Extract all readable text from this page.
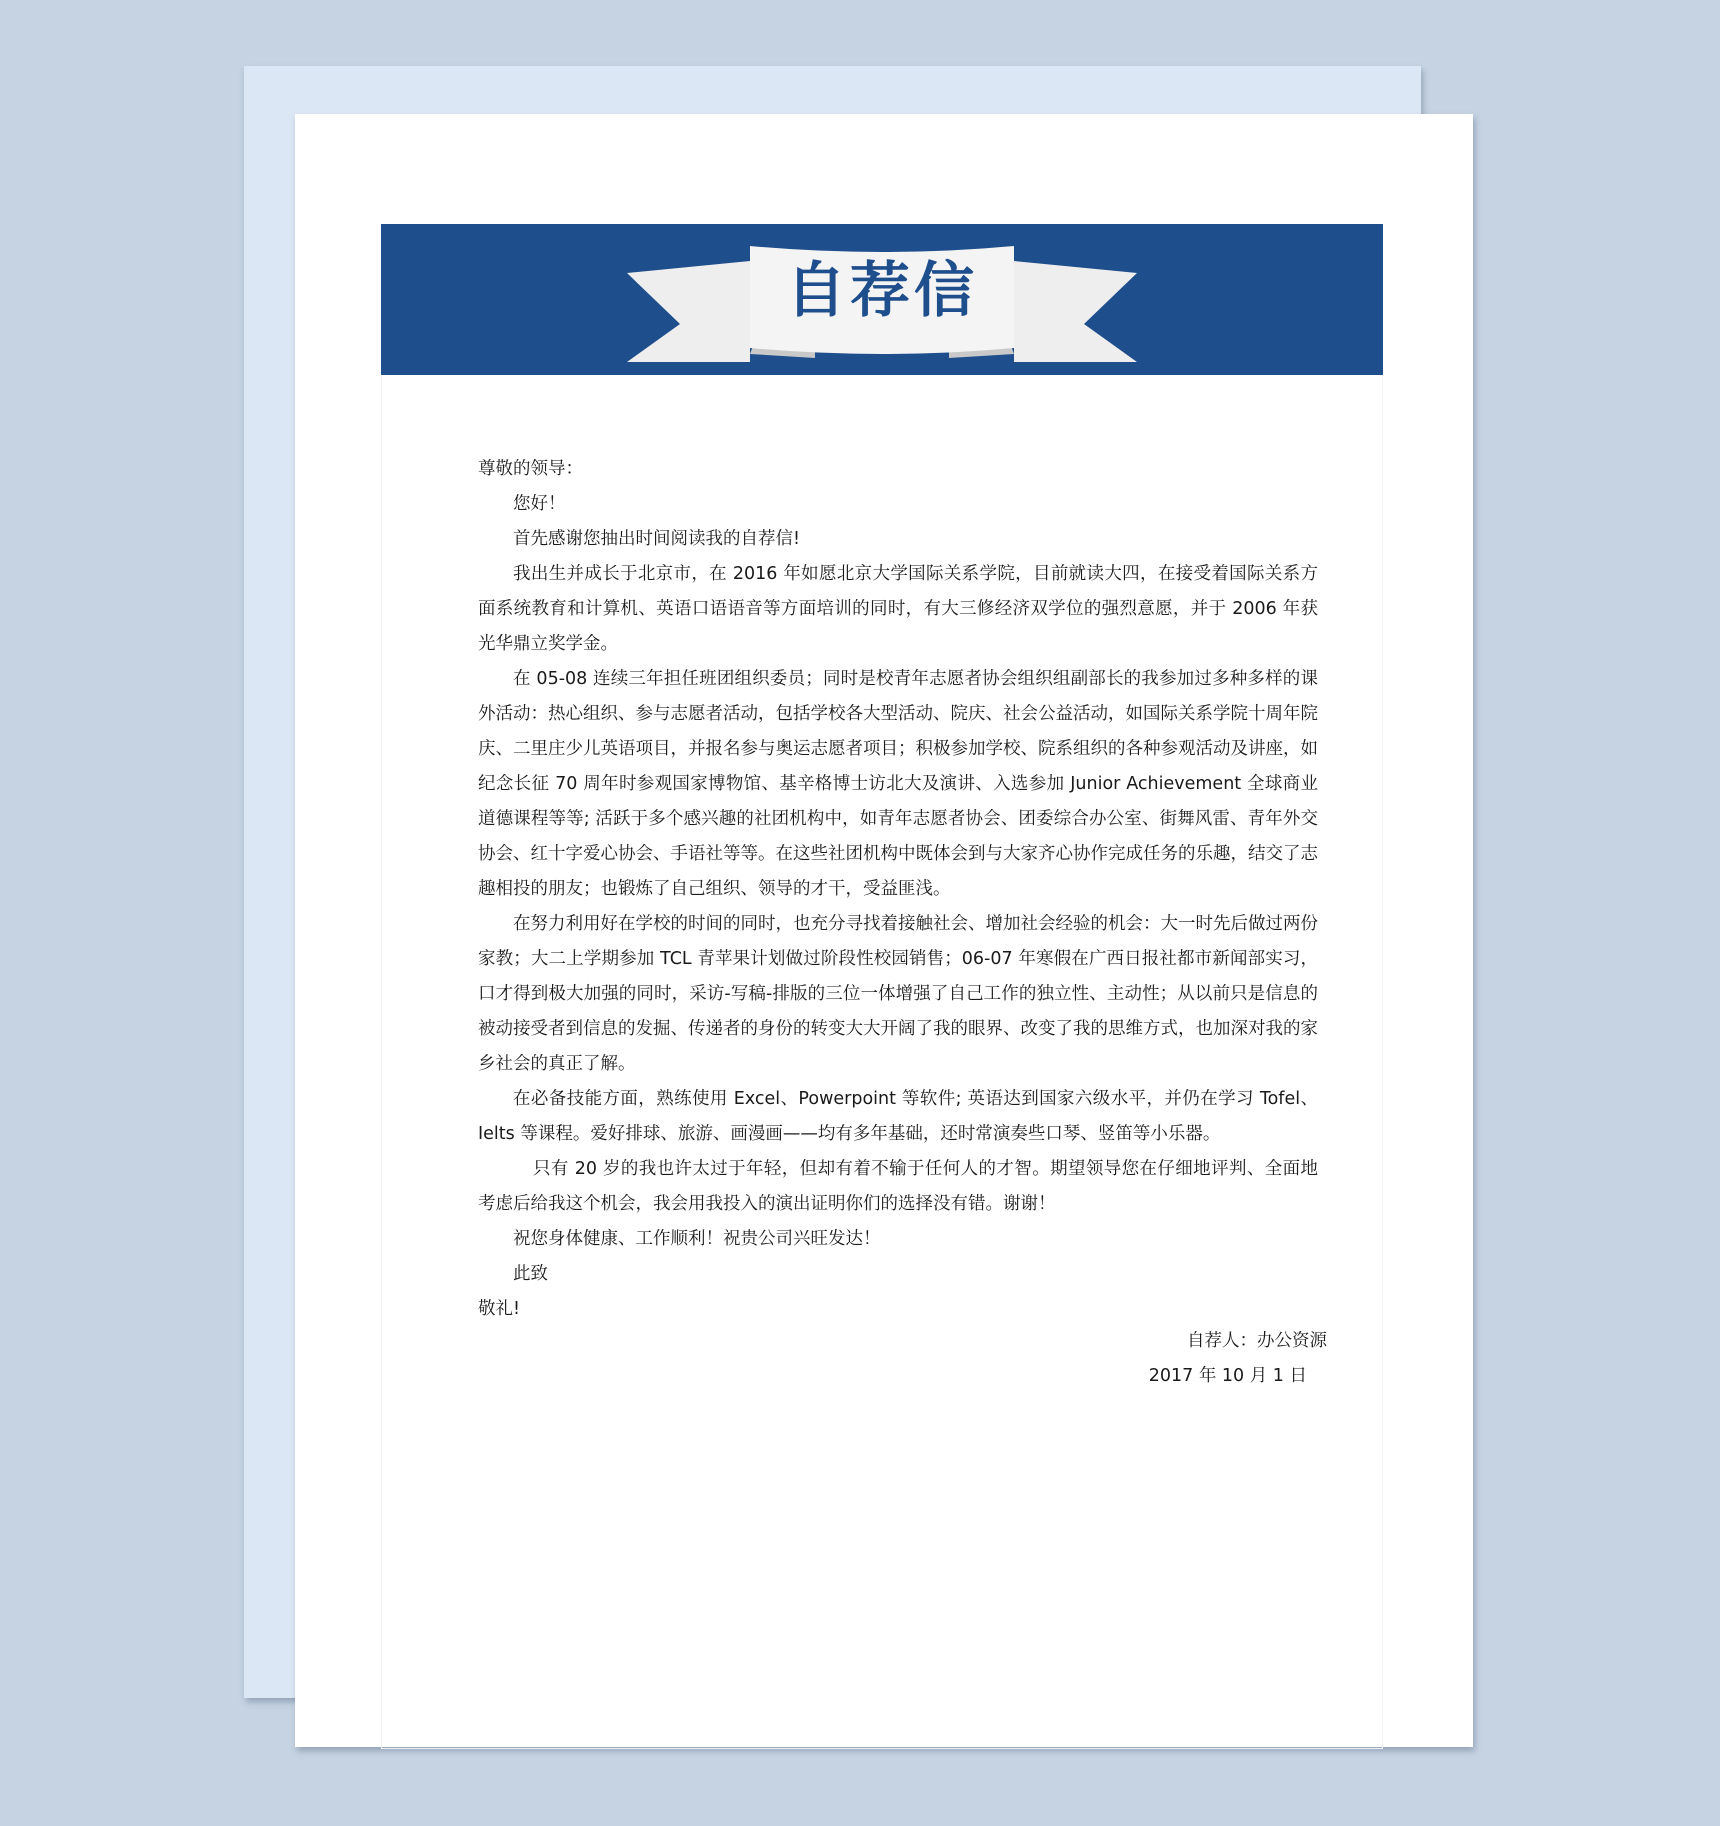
自荐信

尊敬的领导：

您好！

首先感谢您抽出时间阅读我的自荐信!

我出生并成长于北京市，在 2016 年如愿北京大学国际关系学院，目前就读大四，在接受着国际关系方面系统教育和计算机、英语口语语音等方面培训的同时，有大三修经济双学位的强烈意愿，并于 2006 年获光华鼎立奖学金。

在 05-08 连续三年担任班团组织委员；同时是校青年志愿者协会组织组副部长的我参加过多种多样的课外活动：热心组织、参与志愿者活动，包括学校各大型活动、院庆、社会公益活动，如国际关系学院十周年院庆、二里庄少儿英语项目，并报名参与奥运志愿者项目；积极参加学校、院系组织的各种参观活动及讲座，如纪念长征 70 周年时参观国家博物馆、基辛格博士访北大及演讲、入选参加 Junior Achievement 全球商业道德课程等等; 活跃于多个感兴趣的社团机构中，如青年志愿者协会、团委综合办公室、街舞风雷、青年外交协会、红十字爱心协会、手语社等等。在这些社团机构中既体会到与大家齐心协作完成任务的乐趣，结交了志趣相投的朋友；也锻炼了自己组织、领导的才干，受益匪浅。

在努力利用好在学校的时间的同时，也充分寻找着接触社会、增加社会经验的机会：大一时先后做过两份家教；大二上学期参加 TCL 青苹果计划做过阶段性校园销售；06-07 年寒假在广西日报社都市新闻部实习，口才得到极大加强的同时，采访-写稿-排版的三位一体增强了自己工作的独立性、主动性；从以前只是信息的被动接受者到信息的发掘、传递者的身份的转变大大开阔了我的眼界、改变了我的思维方式，也加深对我的家乡社会的真正了解。

在必备技能方面，熟练使用 Excel、Powerpoint 等软件; 英语达到国家六级水平，并仍在学习 Tofel、Ielts 等课程。爱好排球、旅游、画漫画——均有多年基础，还时常演奏些口琴、竖笛等小乐器。

只有 20 岁的我也许太过于年轻，但却有着不输于任何人的才智。期望领导您在仔细地评判、全面地考虑后给我这个机会，我会用我投入的演出证明你们的选择没有错。谢谢！

祝您身体健康、工作顺利！祝贵公司兴旺发达！

此致

敬礼!

自荐人：办公资源
2017 年 10 月 1 日
